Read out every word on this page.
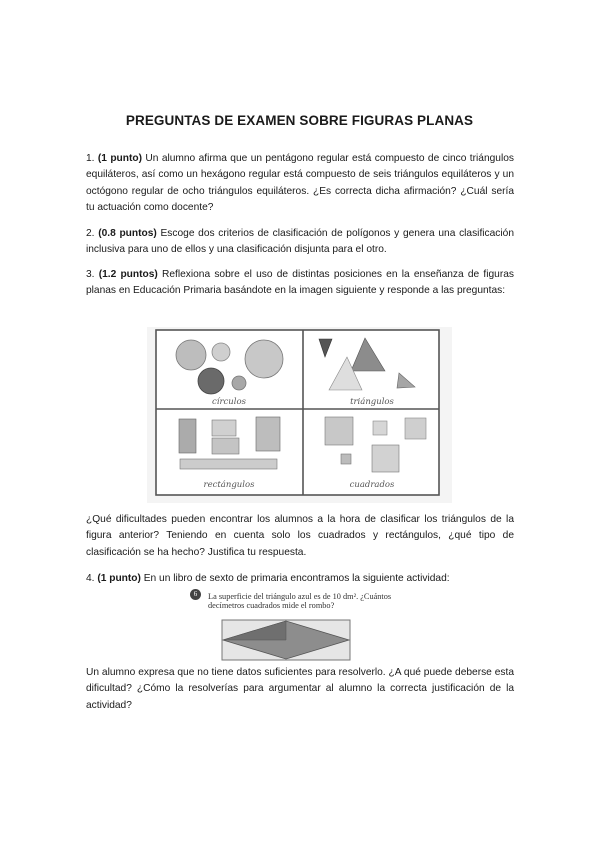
PREGUNTAS DE EXAMEN SOBRE FIGURAS PLANAS
1. (1 punto) Un alumno afirma que un pentágono regular está compuesto de cinco triángulos equiláteros, así como un hexágono regular está compuesto de seis triángulos equiláteros y un octógono regular de ocho triángulos equiláteros. ¿Es correcta dicha afirmación? ¿Cuál sería tu actuación como docente?
2. (0.8 puntos) Escoge dos criterios de clasificación de polígonos y genera una clasificación inclusiva para uno de ellos y una clasificación disjunta para el otro.
3. (1.2 puntos) Reflexiona sobre el uso de distintas posiciones en la enseñanza de figuras planas en Educación Primaria basándote en la imagen siguiente y responde a las preguntas:
círculos	triángulos
rectángulos	cuadrados
¿Qué dificultades pueden encontrar los alumnos a la hora de clasificar los triángulos de la figura anterior? Teniendo en cuenta solo los cuadrados y rectángulos, ¿qué tipo de clasificación se ha hecho? Justifica tu respuesta.
4. (1 punto) En un libro de sexto de primaria encontramos la siguiente actividad:
6	La superficie del triángulo azul es de 10 dm². ¿Cuántos
decímetros cuadrados mide el rombo?
Un alumno expresa que no tiene datos suficientes para resolverlo. ¿A qué puede deberse esta dificultad? ¿Cómo la resolverías para argumentar al alumno la correcta justificación de la actividad?
